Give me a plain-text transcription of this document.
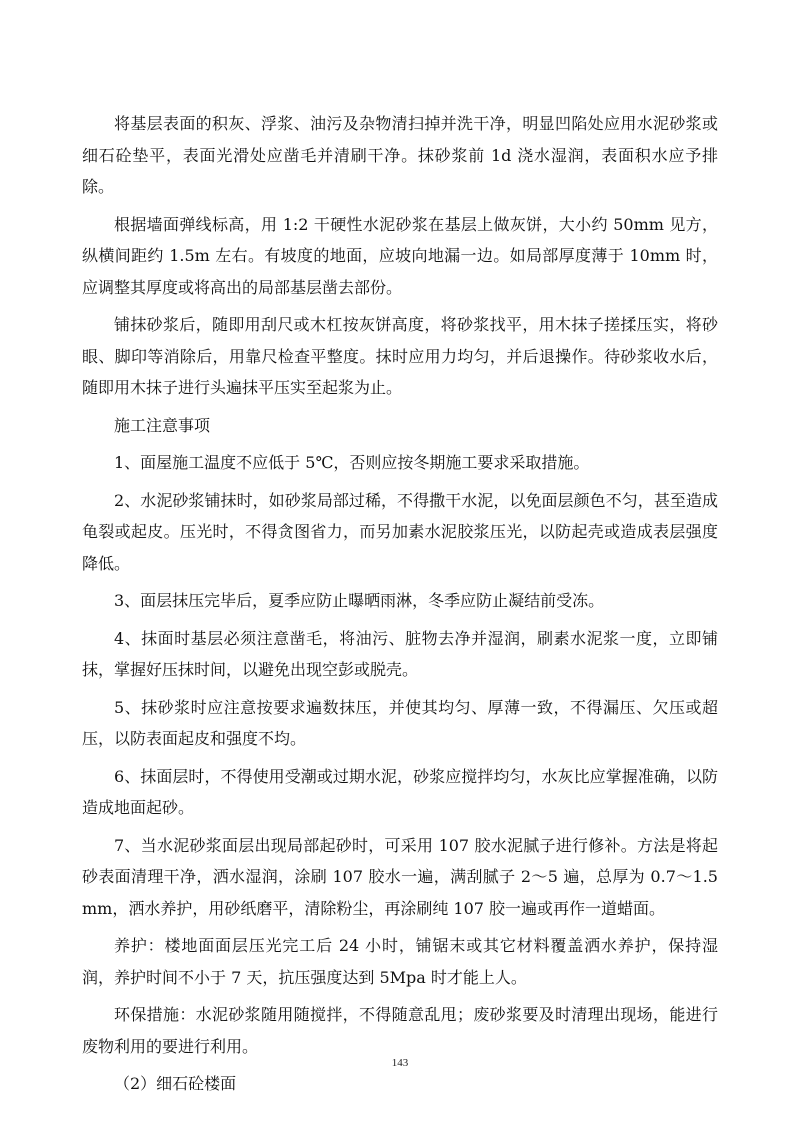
将基层表面的积灰、浮浆、油污及杂物清扫掉并洗干净，明显凹陷处应用水泥砂浆或细石砼垫平，表面光滑处应凿毛并清刷干净。抹砂浆前 1d 浇水湿润，表面积水应予排除。

根据墙面弹线标高，用 1:2 干硬性水泥砂浆在基层上做灰饼，大小约 50mm 见方，纵横间距约 1.5m 左右。有坡度的地面，应坡向地漏一边。如局部厚度薄于 10mm 时，应调整其厚度或将高出的局部基层凿去部份。

铺抹砂浆后，随即用刮尺或木杠按灰饼高度，将砂浆找平，用木抹子搓揉压实，将砂眼、脚印等消除后，用靠尺检查平整度。抹时应用力均匀，并后退操作。待砂浆收水后，随即用木抹子进行头遍抹平压实至起浆为止。

施工注意事项

1、面屋施工温度不应低于 5℃，否则应按冬期施工要求采取措施。

2、水泥砂浆铺抹时，如砂浆局部过稀，不得撒干水泥，以免面层颜色不匀，甚至造成龟裂或起皮。压光时，不得贪图省力，而另加素水泥胶浆压光，以防起壳或造成表层强度降低。

3、面层抹压完毕后，夏季应防止曝晒雨淋，冬季应防止凝结前受冻。

4、抹面时基层必须注意凿毛，将油污、脏物去净并湿润，刷素水泥浆一度，立即铺抹，掌握好压抹时间，以避免出现空彭或脱壳。

5、抹砂浆时应注意按要求遍数抹压，并使其均匀、厚薄一致，不得漏压、欠压或超压，以防表面起皮和强度不均。

6、抹面层时，不得使用受潮或过期水泥，砂浆应搅拌均匀，水灰比应掌握准确，以防造成地面起砂。

7、当水泥砂浆面层出现局部起砂时，可采用 107 胶水泥腻子进行修补。方法是将起砂表面清理干净，洒水湿润，涂刷 107 胶水一遍，满刮腻子 2～5 遍，总厚为 0.7～1.5mm，洒水养护，用砂纸磨平，清除粉尘，再涂刷纯 107 胶一遍或再作一道蜡面。

养护：楼地面面层压光完工后 24 小时，铺锯末或其它材料覆盖洒水养护，保持湿润，养护时间不小于 7 天，抗压强度达到 5Mpa 时才能上人。

环保措施：水泥砂浆随用随搅拌，不得随意乱甩；废砂浆要及时清理出现场，能进行废物利用的要进行利用。

（2）细石砼楼面

143
